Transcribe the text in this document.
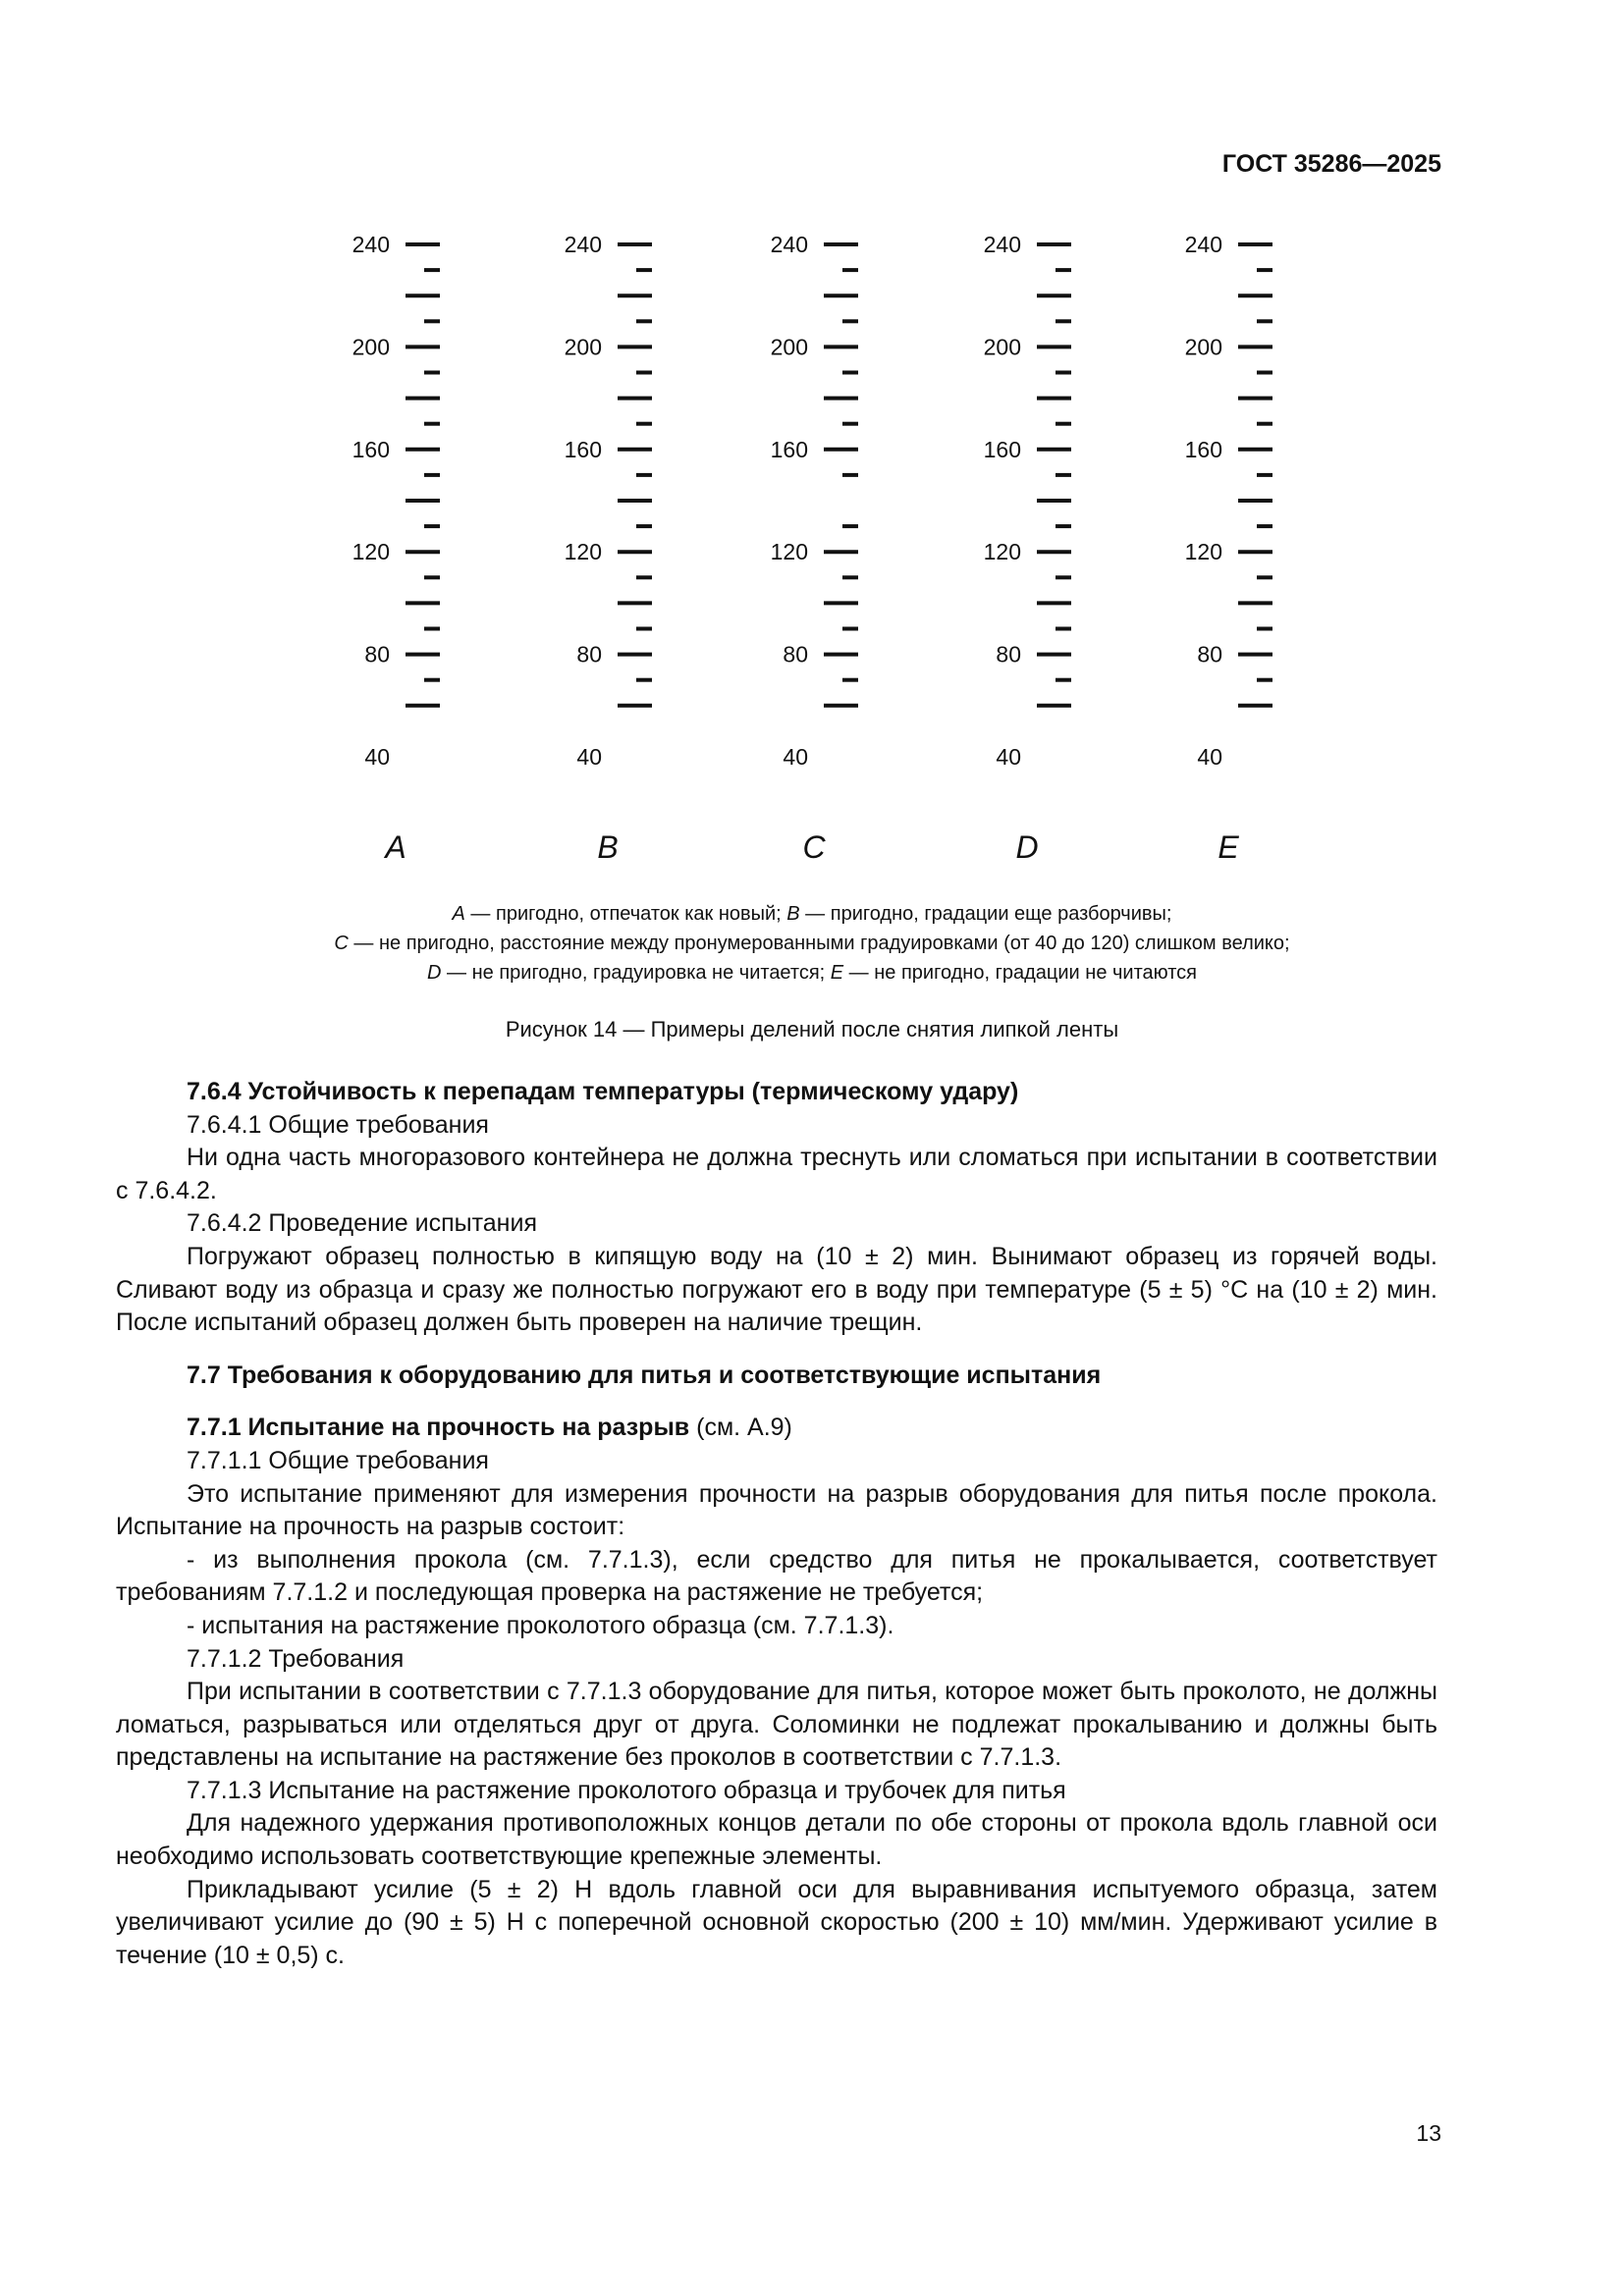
ГОСТ 35286—2025
240
200
160
120
80
40
A
240
200
160
120
80
40
B
240
200
160
120
80
40
C
240
200
160
120
80
40
D
240
200
160
120
80
40
E
A — пригодно, отпечаток как новый; B — пригодно, градации еще разборчивы;
C — не пригодно, расстояние между пронумерованными градуировками (от 40 до 120) слишком велико;
D — не пригодно, градуировка не читается; E — не пригодно, градации не читаются
Рисунок 14 — Примеры делений после снятия липкой ленты

7.6.4 Устойчивость к перепадам температуры (термическому удару)

7.6.4.1 Общие требования

Ни одна часть многоразового контейнера не должна треснуть или сломаться при испытании в соответствии с 7.6.4.2.

7.6.4.2 Проведение испытания

Погружают образец полностью в кипящую воду на (10 ± 2) мин. Вынимают образец из горячей воды. Сливают воду из образца и сразу же полностью погружают его в воду при температуре (5 ± 5) °С на (10 ± 2) мин. После испытаний образец должен быть проверен на наличие трещин.

7.7 Требования к оборудованию для питья и соответствующие испытания

7.7.1 Испытание на прочность на разрыв (см. А.9)

7.7.1.1 Общие требования

Это испытание применяют для измерения прочности на разрыв оборудования для питья после прокола. Испытание на прочность на разрыв состоит:

- из выполнения прокола (см. 7.7.1.3), если средство для питья не прокалывается, соответствует требованиям 7.7.1.2 и последующая проверка на растяжение не требуется;

- испытания на растяжение проколотого образца (см. 7.7.1.3).

7.7.1.2 Требования

При испытании в соответствии с 7.7.1.3 оборудование для питья, которое может быть проколото, не должны ломаться, разрываться или отделяться друг от друга. Соломинки не подлежат прокалыванию и должны быть представлены на испытание на растяжение без проколов в соответствии с 7.7.1.3.

7.7.1.3 Испытание на растяжение проколотого образца и трубочек для питья

Для надежного удержания противоположных концов детали по обе стороны от прокола вдоль главной оси необходимо использовать соответствующие крепежные элементы.

Прикладывают усилие (5 ± 2) Н вдоль главной оси для выравнивания испытуемого образца, затем увеличивают усилие до (90 ± 5) Н с поперечной основной скоростью (200 ± 10) мм/мин. Удерживают усилие в течение (10 ± 0,5) с.

13
